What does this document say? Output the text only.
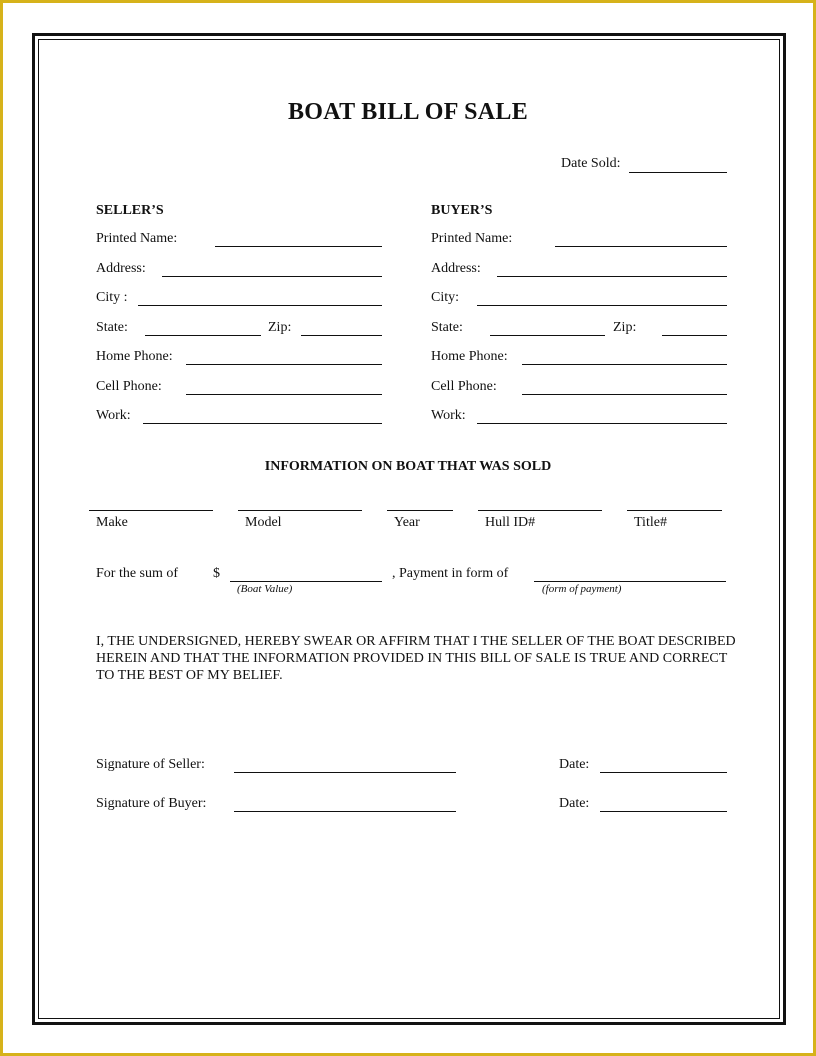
BOAT BILL OF SALE
Date Sold:
SELLER’S
Printed Name:
Address:
City :
State:	Zip:
Home Phone:
Cell Phone:
Work:
BUYER’S
Printed Name:
Address:
City:
State:	Zip:
Home Phone:
Cell Phone:
Work:
INFORMATION ON BOAT THAT WAS SOLD
Make	Model	Year	Hull ID#	Title#
For the sum of $
(Boat Value)
, Payment in form of
(form of payment)
I, THE UNDERSIGNED, HEREBY SWEAR OR AFFIRM THAT I THE SELLER OF THE BOAT DESCRIBED HEREIN AND THAT THE INFORMATION PROVIDED IN THIS BILL OF SALE IS TRUE AND CORRECT TO THE BEST OF MY BELIEF.
Signature of Seller:	Date:
Signature of Buyer:	Date:
